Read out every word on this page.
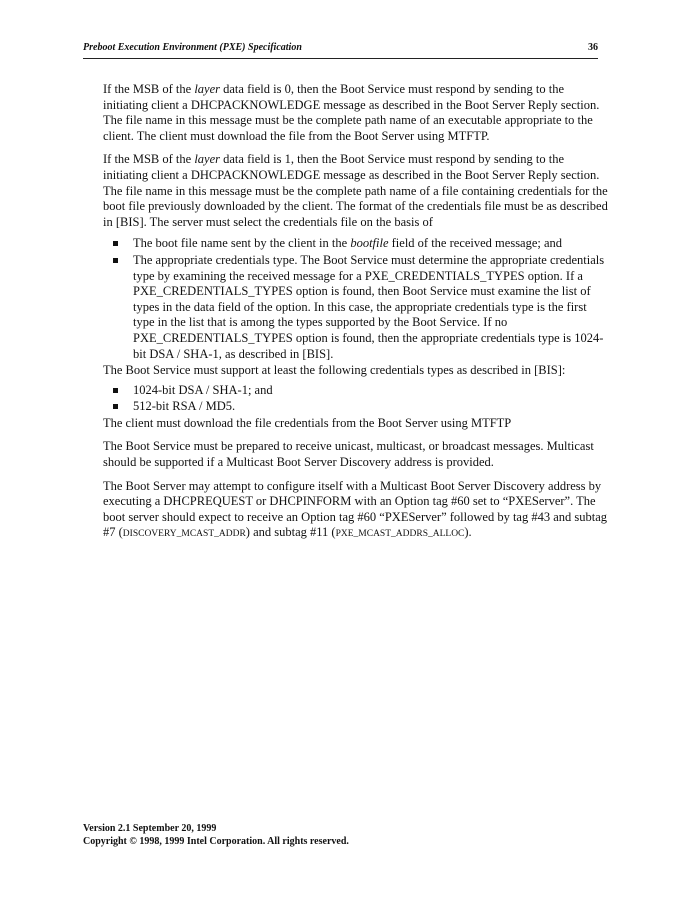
Preboot Execution Environment (PXE) Specification	36

If the MSB of the layer data field is 0, then the Boot Service must respond by sending to the initiating client a DHCPACKNOWLEDGE message as described in the Boot Server Reply section. The file name in this message must be the complete path name of an executable appropriate to the client. The client must download the file from the Boot Server using MTFTP.

If the MSB of the layer data field is 1, then the Boot Service must respond by sending to the initiating client a DHCPACKNOWLEDGE message as described in the Boot Server Reply section. The file name in this message must be the complete path name of a file containing credentials for the boot file previously downloaded by the client. The format of the credentials file must be as described in [BIS]. The server must select the credentials file on the basis of

The boot file name sent by the client in the bootfile field of the received message; and
The appropriate credentials type. The Boot Service must determine the appropriate credentials type by examining the received message for a PXE_CREDENTIALS_TYPES option. If a PXE_CREDENTIALS_TYPES option is found, then Boot Service must examine the list of types in the data field of the option. In this case, the appropriate credentials type is the first type in the list that is among the types supported by the Boot Service. If no PXE_CREDENTIALS_TYPES option is found, then the appropriate credentials type is 1024-bit DSA / SHA-1, as described in [BIS].

The Boot Service must support at least the following credentials types as described in [BIS]:

1024-bit DSA / SHA-1; and
512-bit RSA / MD5.

The client must download the file credentials from the Boot Server using MTFTP

The Boot Service must be prepared to receive unicast, multicast, or broadcast messages. Multicast should be supported if a Multicast Boot Server Discovery address is provided.

The Boot Server may attempt to configure itself with a Multicast Boot Server Discovery address by executing a DHCPREQUEST or DHCPINFORM with an Option tag #60 set to “PXEServer”. The boot server should expect to receive an Option tag #60 “PXEServer” followed by tag #43 and subtag #7 (DISCOVERY_MCAST_ADDR) and subtag #11 (PXE_MCAST_ADDRS_ALLOC).

Version 2.1 September 20, 1999
Copyright © 1998, 1999 Intel Corporation. All rights reserved.
